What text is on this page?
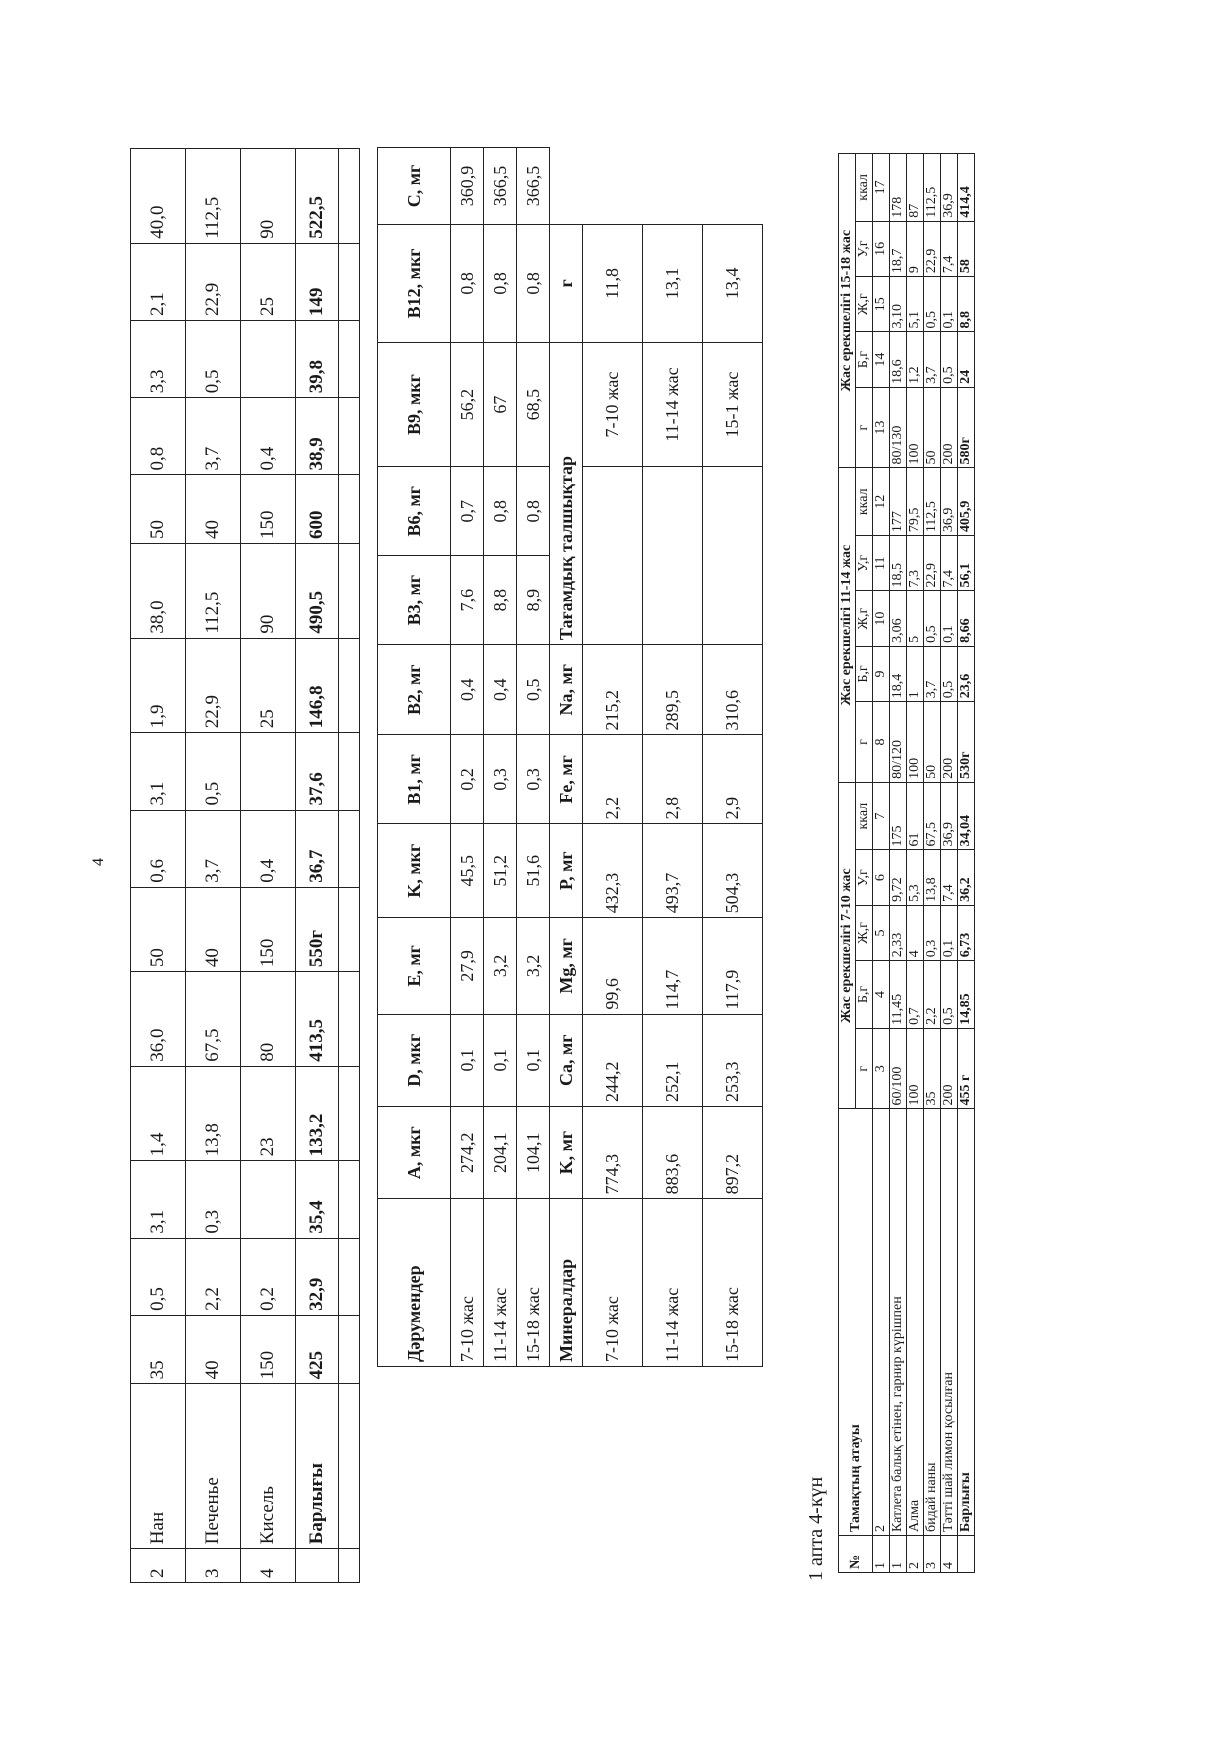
4
2	Нан	35	0,5	3,1	1,4	36,0	50	0,6	3,1	1,9	38,0	50	0,8	3,3	2,1	40,0
3	Печенье	40	2,2	0,3	13,8	67,5	40	3,7	0,5	22,9	112,5	40	3,7	0,5	22,9	112,5
4	Кисель	150	0,2		23	80	150	0,4		25	90	150	0,4		25	90
	Барлығы	425	32,9	35,4	133,2	413,5	550г	36,7	37,6	146,8	490,5	600	38,9	39,8	149	522,5

Дәрумендер	A, мкг	D, мкг	E, мг	K, мкг	B1, мг	B2, мг	B3, мг	B6, мг	B9, мкг	B12, мкг	C, мг
7-10 жас	274,2	0,1	27,9	45,5	0,2	0,4	7,6	0,7	56,2	0,8	360,9
11-14 жас	204,1	0,1	3,2	51,2	0,3	0,4	8,8	0,8	67	0,8	366,5
15-18 жас	104,1	0,1	3,2	51,6	0,3	0,5	8,9	0,8	68,5	0,8	366,5
Минералдар	K, мг	Ca, мг	Mg, мг	P, мг	Fe, мг	Na, мг	Тағамдық талшықтар			г	
7-10 жас	774,3	244,2	99,6	432,3	2,2	215,2			7-10 жас	11,8	
11-14 жас	883,6	252,1	114,7	493,7	2,8	289,5			11-14 жас	13,1	
15-18 жас	897,2	253,3	117,9	504,3	2,9	310,6			15-1 жас	13,4	
1 апта 4-күн №	Тамақтың атауы	Жас ерекшелігі 7-10 жас					Жас ерекшелігі 11-14 жас					Жас ерекшелігі 15-18 жас				
		г	Б,г	Ж,г	У,г	ккал	г	Б,г	Ж,г	У,г	ккал	г	Б,г	Ж,г	У,г	ккал
1	2	3	4	5	6	7	8	9	10	11	12	13	14	15	16	17
1	Катлета балық етінен, гарнир күрішпен	60/100	11,45	2,33	9,72	175	80/120	18,4	3,06	18,5	177	80/130	18,6	3,10	18,7	178
2	Алма	100	0,7	4	5,3	61	100	1	5	7,3	79,5	100	1,2	5,1	9	87
3	бидай наны	35	2,2	0,3	13,8	67,5	50	3,7	0,5	22,9	112,5	50	3,7	0,5	22,9	112,5
4	Тәтті шай лимон қосылған	200	0,5	0,1	7,4	36,9	200	0,5	0,1	7,4	36,9	200	0,5	0,1	7,4	36,9
	Барлығы	455 г	14,85	6,73	36,2	34,04	530г	23,6	8,66	56,1	405,9	580г	24	8,8	58	414,4
